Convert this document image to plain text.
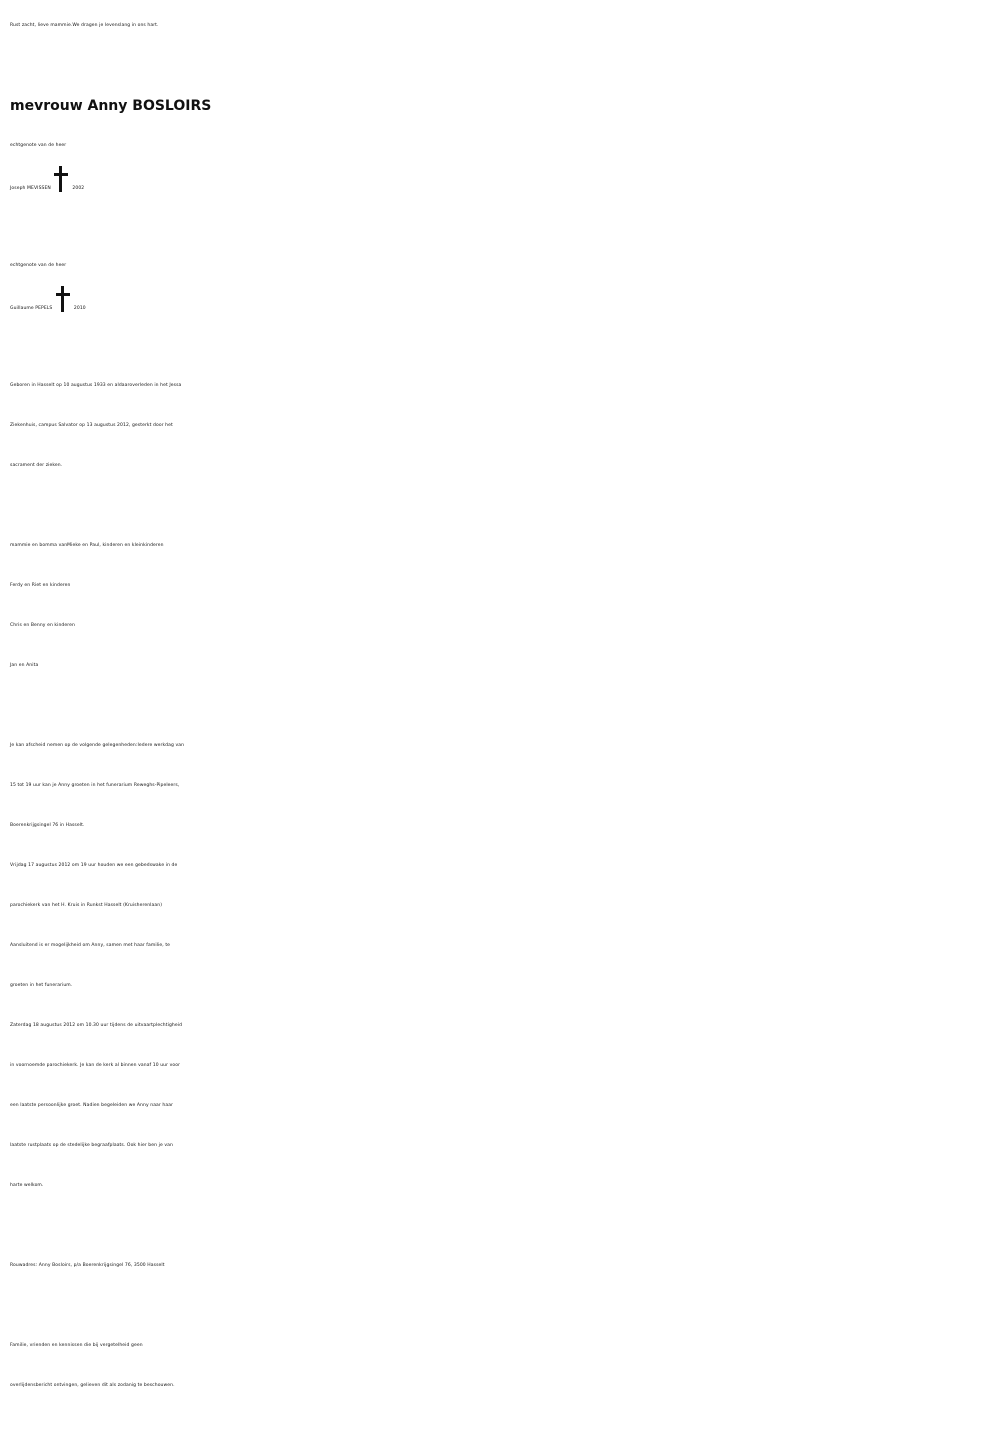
Rust zacht, lieve mammie.We dragen je levenslang in ons hart.
mevrouw Anny BOSLOIRS
echtgenote van de heer
Joseph MEVISSEN	2002
echtgenote van de heer
Guillaume PEPELS	2010
Geboren in Hasselt op 10 augustus 1933 en aldaaroverleden in het Jessa
Ziekenhuis, campus Salvator op 13 augustus 2012, gesterkt door het
sacrament der zieken.
mammie en bomma vanMieke en Paul, kinderen en kleinkinderen
Ferdy en Riet en kinderen
Chris en Benny en kinderen
Jan en Anita
Je kan afscheid nemen op de volgende gelegenheden:Iedere werkdag van
15 tot 19 uur kan je Anny groeten in het funerarium Reweghs-Pipeleers,
Boerenkrijgsingel 76 in Hasselt.
Vrijdag 17 augustus 2012 om 19 uur houden we een gebedswake in de
parochiekerk van het H. Kruis in Runkst Hasselt (Kruisherenlaan)
Aansluitend is er mogelijkheid om Anny, samen met haar familie, te
groeten in het funerarium.
Zaterdag 18 augustus 2012 om 10.30 uur tijdens de uitvaartplechtigheid
in voornoemde parochiekerk. Je kan de kerk al binnen vanaf 10 uur voor
een laatste persoonlijke groet. Nadien begeleiden we Anny naar haar
laatste rustplaats op de stedelijke begraafplaats. Ook hier ben je van
harte welkom.
Rouwadres: Anny Bosloirs, p/a Boerenkrijgsingel 76, 3500 Hasselt
Familie, vrienden en kennissen die bij vergetelheid geen
overlijdensbericht ontvingen, gelieven dit als zodanig te beschouwen.
